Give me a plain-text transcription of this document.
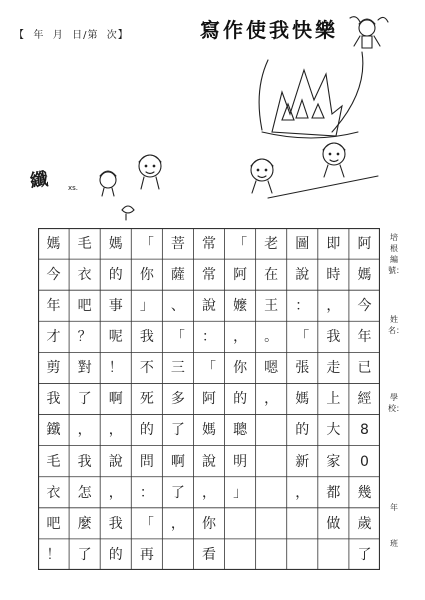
【  年  月  日/第  次】	寫作使我快樂
纖	xs.
媽
今
年
才
剪
我
鐵
毛
衣
吧
！
毛
衣
吧
？
對
了
，
我
怎
麼
了
媽
的
事
呢
！
啊
，
說
，
我
的
「
你
」
我
不
死
的
問
：
「
再
菩
薩
、
「
三
多
了
啊
了
，
常
常
說
：
「
阿
媽
說
，
你
看
「
阿
嬤
，
你
的
聰
明
」
老
在
王
。
嗯
，
圖
說
：
「
張
媽
的
新
，
即
時
，
我
走
上
大
家
都
做
阿
媽
今
年
已
經
8
0
幾
歲
了
培根編號：
姓名：
學校：
年
班
